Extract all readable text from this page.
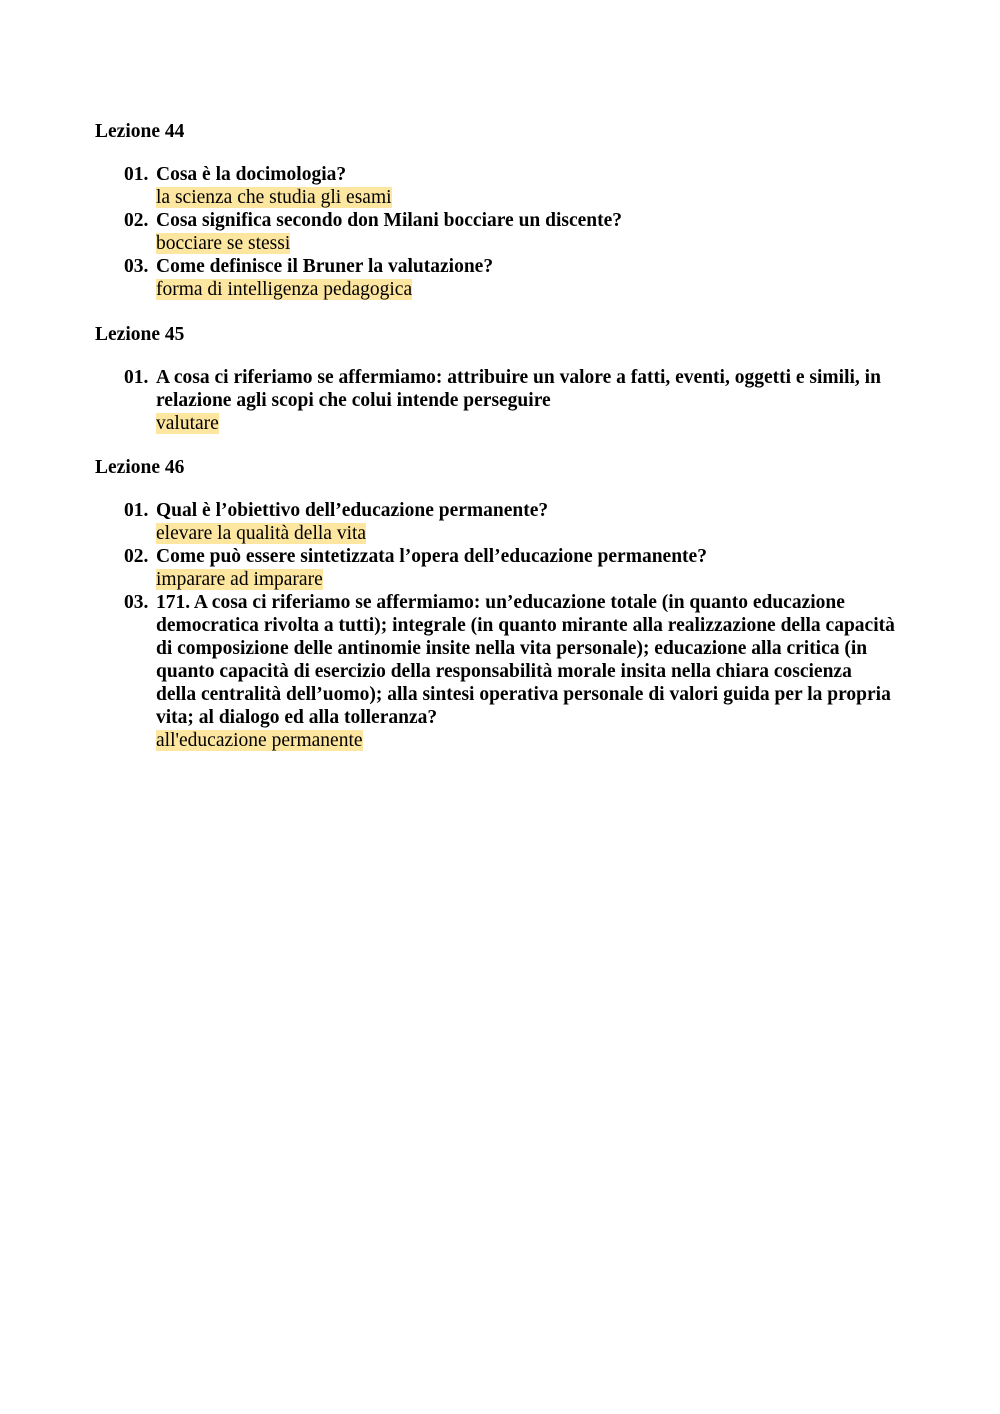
Lezione 44
01. Cosa è la docimologia?
la scienza che studia gli esami
02. Cosa significa secondo don Milani bocciare un discente?
bocciare se stessi
03. Come definisce il Bruner la valutazione?
forma di intelligenza pedagogica
Lezione 45
01. A cosa ci riferiamo se affermiamo: attribuire un valore a fatti, eventi, oggetti e simili, in relazione agli scopi che colui intende perseguire
valutare
Lezione 46
01. Qual è l’obiettivo dell’educazione permanente?
elevare la qualità della vita
02. Come può essere sintetizzata l’opera dell’educazione permanente?
imparare ad imparare
03. 171. A cosa ci riferiamo se affermiamo: un’educazione totale (in quanto educazione democratica rivolta a tutti); integrale (in quanto mirante alla realizzazione della capacità di composizione delle antinomie insite nella vita personale); educazione alla critica (in quanto capacità di esercizio della responsabilità morale insita nella chiara coscienza della centralità dell’uomo); alla sintesi operativa personale di valori guida per la propria vita; al dialogo ed alla tolleranza?
all'educazione permanente
